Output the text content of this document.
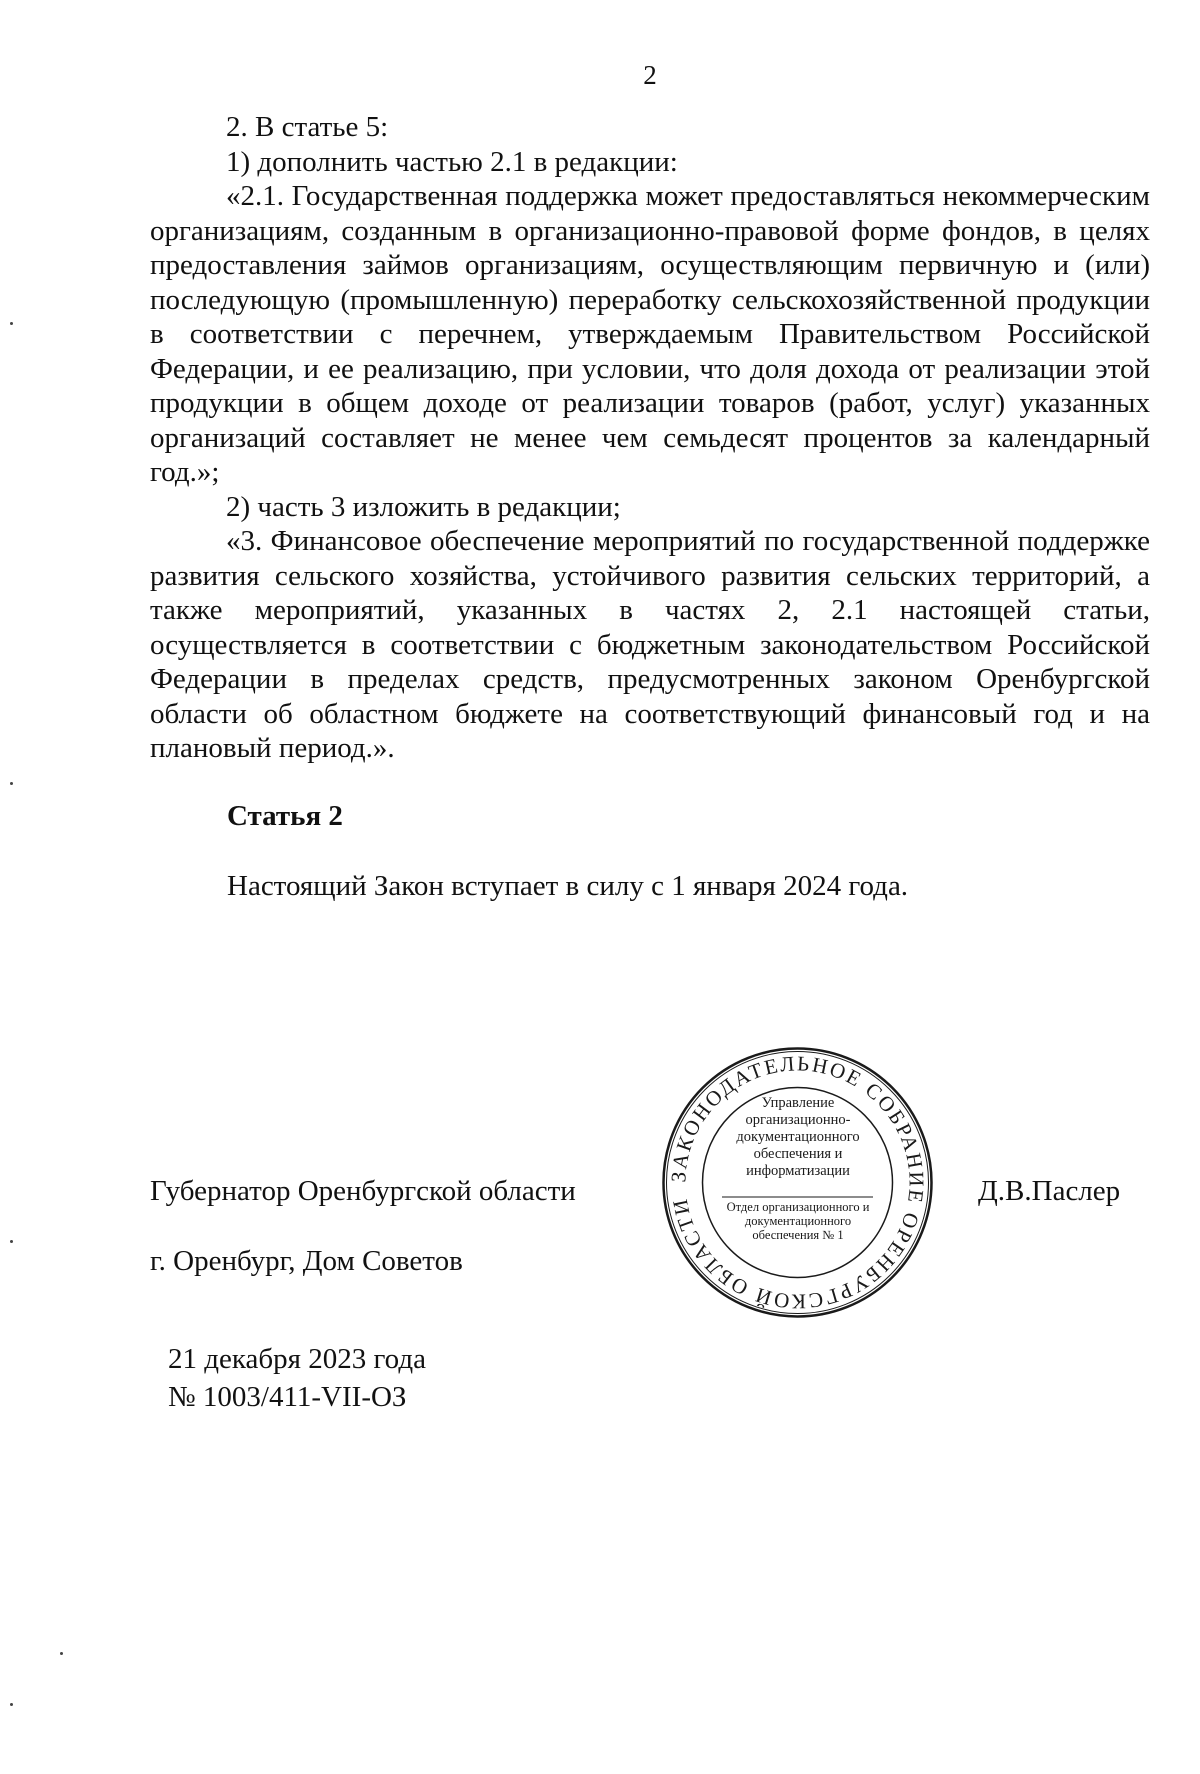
2

2. В статье 5:

1) дополнить частью 2.1 в редакции:

«2.1. Государственная поддержка может предоставляться некоммерческим организациям, созданным в организационно-правовой форме фондов, в целях предоставления займов организациям, осуществляющим первичную и (или) последующую (промышленную) переработку сельскохозяйственной продукции в соответствии с перечнем, утверждаемым Правительством Российской Федерации, и ее реализацию, при условии, что доля дохода от реализации этой продукции в общем доходе от реализации товаров (работ, услуг) указанных организаций составляет не менее чем семьдесят процентов за календарный год.»;

2) часть 3 изложить в редакции;

«3. Финансовое обеспечение мероприятий по государственной поддержке развития сельского хозяйства, устойчивого развития сельских территорий, а также мероприятий, указанных в частях 2, 2.1 настоящей статьи, осуществляется в соответствии с бюджетным законодательством Российской Федерации в пределах средств, предусмотренных законом Оренбургской области об областном бюджете на соответствующий финансовый год и на плановый период.».

Статья 2
Настоящий Закон вступает в силу с 1 января 2024 года.
Губернатор Оренбургской области	ЗАКОНОДАТЕЛЬНОЕ СОБРАНИЕ ОРЕНБУРГСКОЙ ОБЛАСТИ
Управление организационно-документационного обеспечения и информатизации
Отдел организационного и документационного обеспечения № 1
Д.В.Паслер
г. Оренбург, Дом Советов
21 декабря 2023 года
№ 1003/411-VII-ОЗ
